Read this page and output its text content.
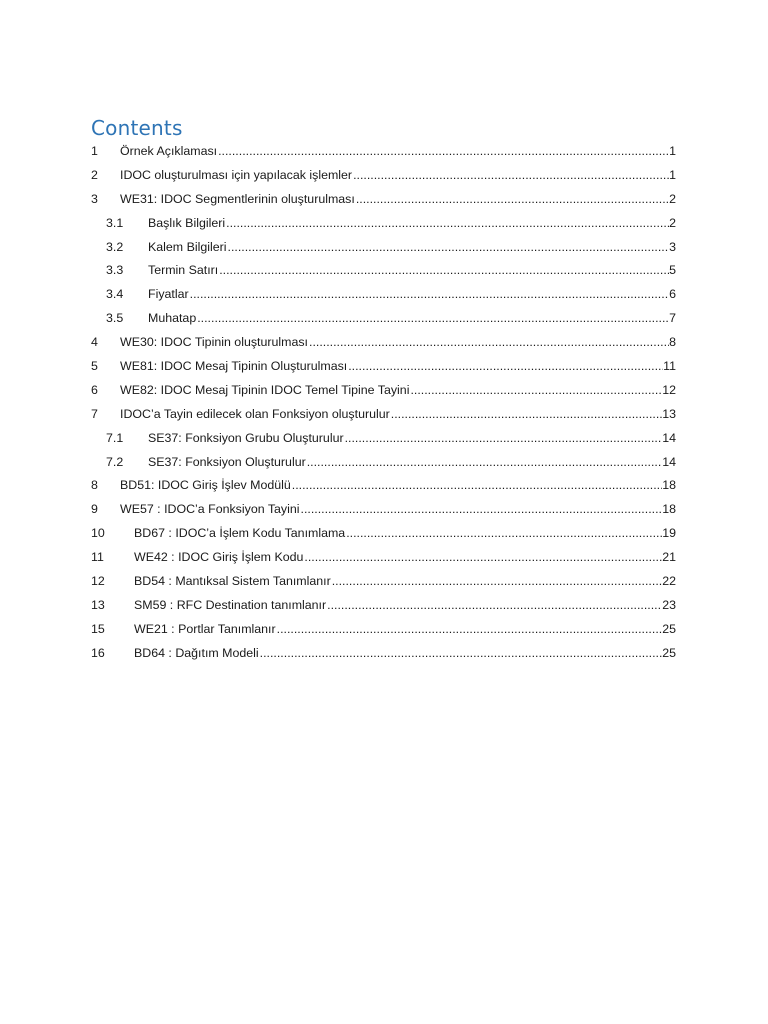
Contents
1 Örnek Açıklaması .....	1
2 IDOC oluşturulması için yapılacak işlemler .....	1
3 WE31: IDOC Segmentlerinin oluşturulması .....	2
3.1 Başlık Bilgileri .....	2
3.2 Kalem Bilgileri .....	3
3.3 Termin Satırı .....	5
3.4 Fiyatlar .....	6
3.5 Muhatap .....	7
4 WE30: IDOC Tipinin oluşturulması .....	8
5 WE81: IDOC Mesaj Tipinin Oluşturulması .....	11
6 WE82: IDOC Mesaj Tipinin IDOC Temel Tipine Tayini .....	12
7 IDOC’a Tayin edilecek olan Fonksiyon oluşturulur .....	13
7.1 SE37: Fonksiyon Grubu Oluşturulur .....	14
7.2 SE37: Fonksiyon Oluşturulur .....	14
8 BD51: IDOC Giriş İşlev Modülü .....	18
9 WE57 : IDOC’a Fonksiyon Tayini .....	18
10 BD67 : IDOC’a İşlem Kodu Tanımlama .....	19
11 WE42 : IDOC Giriş İşlem Kodu .....	21
12 BD54 : Mantıksal Sistem Tanımlanır .....	22
13 SM59 : RFC Destination tanımlanır .....	23
15 WE21 : Portlar Tanımlanır .....	25
16 BD64 : Dağıtım Modeli .....	25
